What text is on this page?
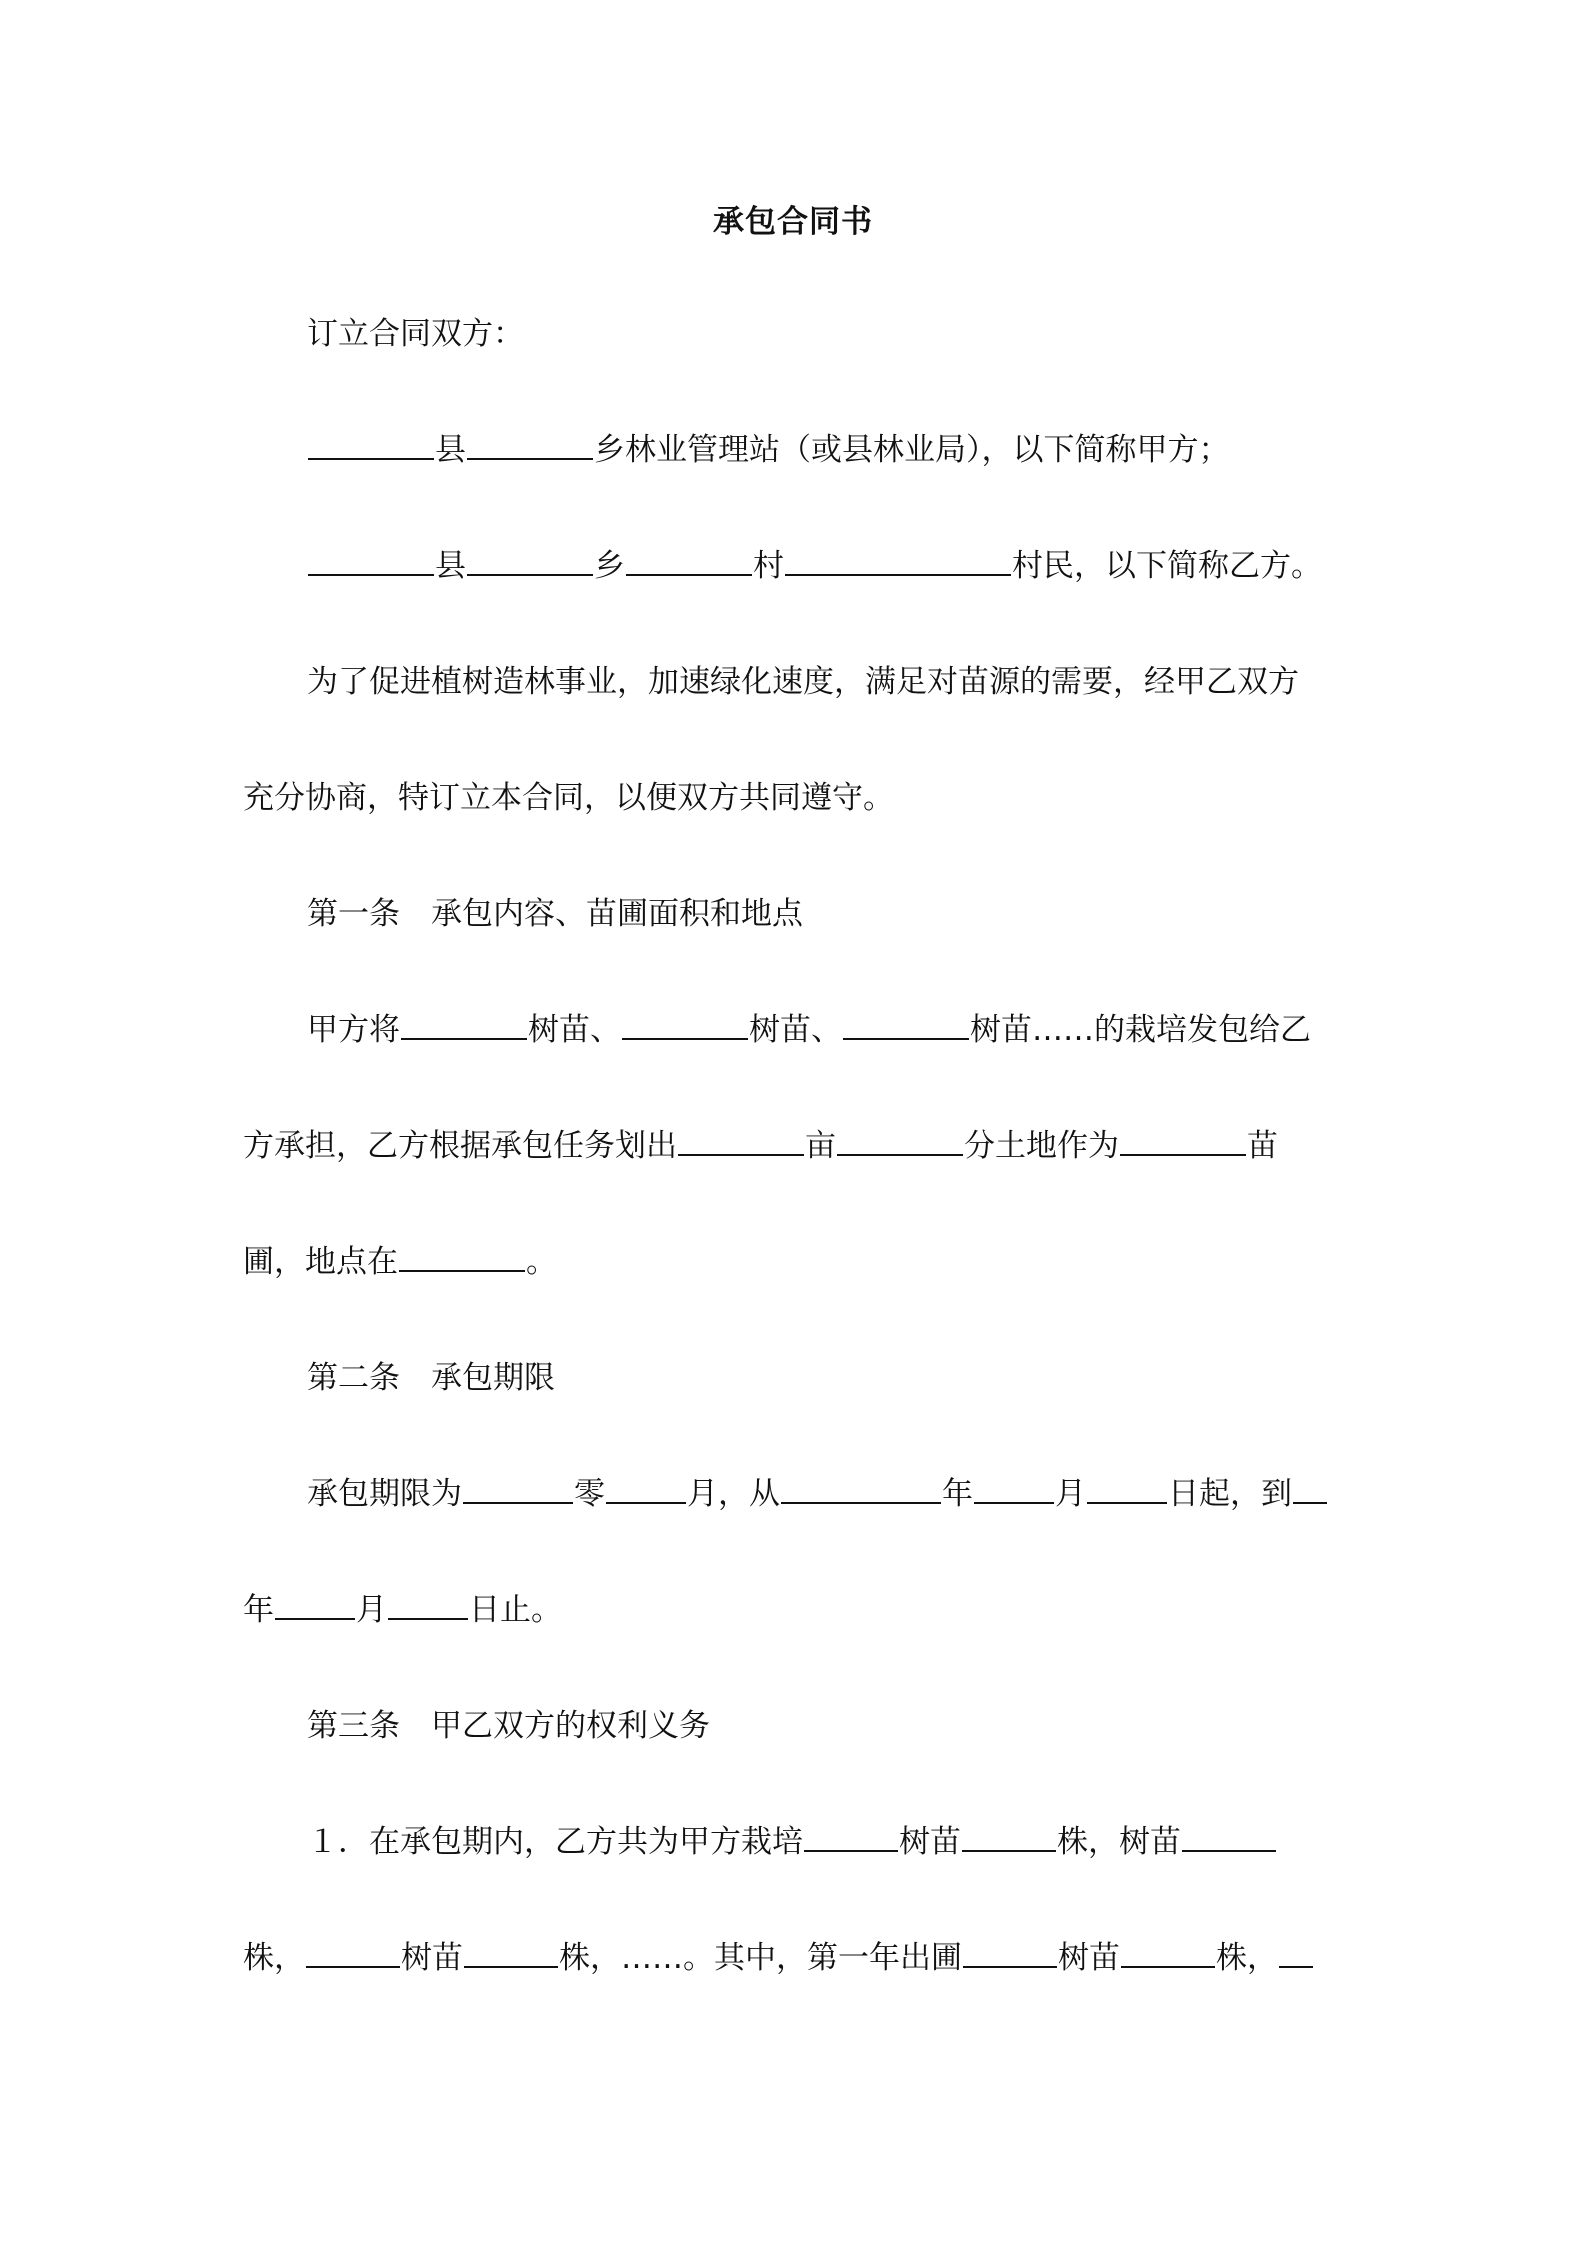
承包合同书
订立合同双方：
县	乡林业管理站（或县林业局），以下简称甲方；
县	乡	村	村民，以下简称乙方。
为了促进植树造林事业，加速绿化速度，满足对苗源的需要，经甲乙双方
充分协商，特订立本合同，以便双方共同遵守。
第一条　承包内容、苗圃面积和地点
甲方将	树苗、	树苗、	树苗……的栽培发包给乙
方承担，乙方根据承包任务划出	亩	分土地作为	苗
圃，地点在	。
第二条　承包期限
承包期限为	零	月，从	年	月	日起，到
年	月	日止。
第三条　甲乙双方的权利义务
１．在承包期内，乙方共为甲方栽培	树苗	株，树苗
株，	树苗	株，……。其中，第一年出圃	树苗	株，
